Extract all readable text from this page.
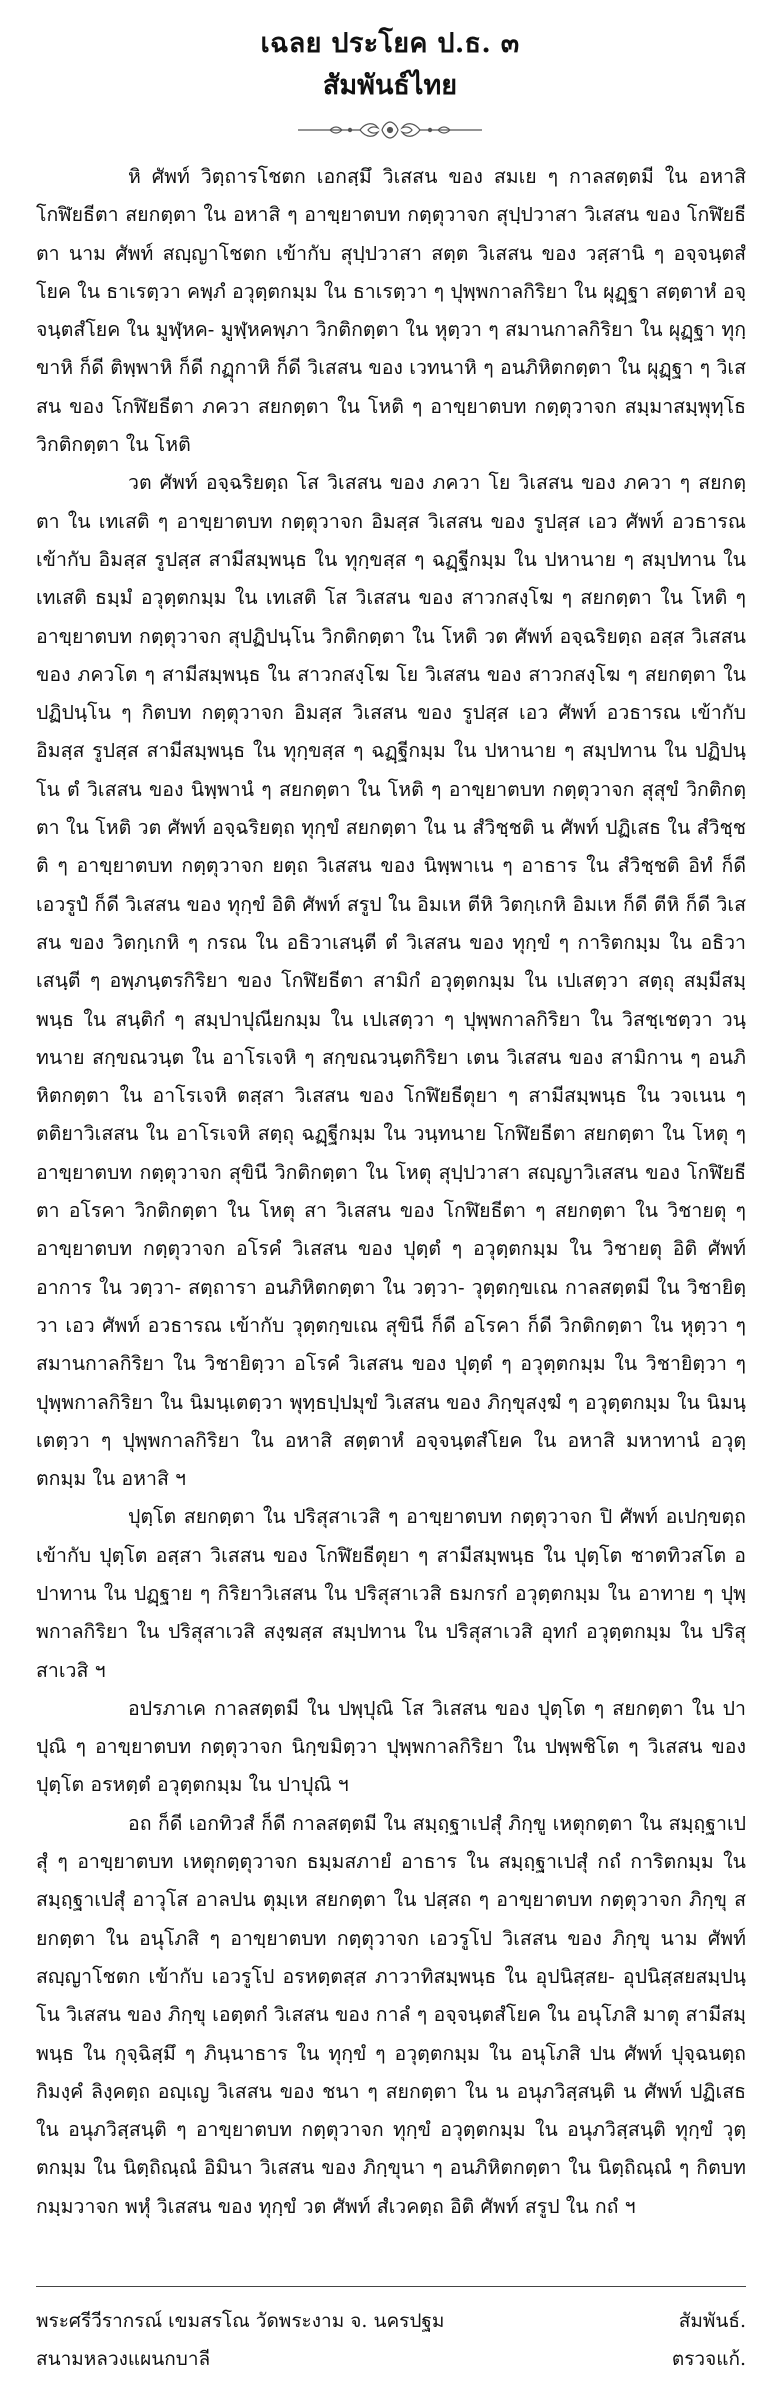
เฉลย ประโยค ป.ธ. ๓
สัมพันธ์ไทย

หิ ศัพท์ วิตฺถารโชตก เอกสฺมึ วิเสสน ของ สมเย ๆ กาลสตฺตมี ใน อหาสิ โกฬิยธีตา สยกตฺตา ใน อหาสิ ๆ อาขฺยาตบท กตฺตุวาจก สุปฺปวาสา วิเสสน ของ โกฬิยธีตา นาม ศัพท์ สญฺญาโชตก เข้ากับ สุปฺปวาสา สตฺต วิเสสน ของ วสฺสานิ ๆ อจฺจนฺตสํโยค ใน ธาเรตฺวา คพฺภํ อวุตฺตกมฺม ใน ธาเรตฺวา ๆ ปุพฺพกาลกิริยา ใน ผุฏฺฐา สตฺตาหํ อจฺจนฺตสํโยค ใน มูฬฺหค- มูฬฺหคพฺภา วิกติกตฺตา ใน หุตฺวา ๆ สมานกาลกิริยา ใน ผุฏฺฐา ทุกฺขาหิ ก็ดี ติพฺพาหิ ก็ดี กฏุกาหิ ก็ดี วิเสสน ของ เวทนาหิ ๆ อนภิหิตกตฺตา ใน ผุฏฺฐา ๆ วิเสสน ของ โกฬิยธีตา ภควา สยกตฺตา ใน โหติ ๆ อาขฺยาตบท กตฺตุวาจก สมฺมาสมฺพุทฺโธ วิกติกตฺตา ใน โหติ

วต ศัพท์ อจฺฉริยตฺถ โส วิเสสน ของ ภควา โย วิเสสน ของ ภควา ๆ สยกตฺตา ใน เทเสติ ๆ อาขฺยาตบท กตฺตุวาจก อิมสฺส วิเสสน ของ รูปสฺส เอว ศัพท์ อวธารณ เข้ากับ อิมสฺส รูปสฺส สามีสมฺพนฺธ ใน ทุกฺขสฺส ๆ ฉฏฺฐีกมฺม ใน ปหานาย ๆ สมฺปทาน ใน เทเสติ ธมฺมํ อวุตฺตกมฺม ใน เทเสติ โส วิเสสน ของ สาวกสงฺโฆ ๆ สยกตฺตา ใน โหติ ๆ อาขฺยาตบท กตฺตุวาจก สุปฏิปนฺโน วิกติกตฺตา ใน โหติ วต ศัพท์ อจฺฉริยตฺถ อสฺส วิเสสน ของ ภควโต ๆ สามีสมฺพนฺธ ใน สาวกสงฺโฆ โย วิเสสน ของ สาวกสงฺโฆ ๆ สยกตฺตา ใน ปฏิปนฺโน ๆ กิตบท กตฺตุวาจก อิมสฺส วิเสสน ของ รูปสฺส เอว ศัพท์ อวธารณ เข้ากับ อิมสฺส รูปสฺส สามีสมฺพนฺธ ใน ทุกฺขสฺส ๆ ฉฏฺฐีกมฺม ใน ปหานาย ๆ สมฺปทาน ใน ปฏิปนฺโน ตํ วิเสสน ของ นิพฺพานํ ๆ สยกตฺตา ใน โหติ ๆ อาขฺยาตบท กตฺตุวาจก สุสุขํ วิกติกตฺตา ใน โหติ วต ศัพท์ อจฺฉริยตฺถ ทุกฺขํ สยกตฺตา ใน น สํวิชฺชติ น ศัพท์ ปฏิเสธ ใน สํวิชฺชติ ๆ อาขฺยาตบท กตฺตุวาจก ยตฺถ วิเสสน ของ นิพฺพาเน ๆ อาธาร ใน สํวิชฺชติ อิทํ ก็ดี เอวรูปํ ก็ดี วิเสสน ของ ทุกฺขํ อิติ ศัพท์ สรูป ใน อิมเห ตีหิ วิตกฺเกหิ อิมเห ก็ดี ตีหิ ก็ดี วิเสสน ของ วิตกฺเกหิ ๆ กรณ ใน อธิวาเสนฺตี ตํ วิเสสน ของ ทุกฺขํ ๆ การิตกมฺม ใน อธิวาเสนฺตี ๆ อพฺภนฺตรกิริยา ของ โกฬิยธีตา สามิกํ อวุตฺตกมฺม ใน เปเสตฺวา สตฺถุ สมฺมีสมฺพนฺธ ใน สนฺติกํ ๆ สมฺปาปุณียกมฺม ใน เปเสตฺวา ๆ ปุพฺพกาลกิริยา ใน วิสชฺเชตฺวา วนฺทนาย สกฺขณวนฺต ใน อาโรเจหิ ๆ สกฺขณวนฺตกิริยา เตน วิเสสน ของ สามิกาน ๆ อนภิหิตกตฺตา ใน อาโรเจหิ ตสฺสา วิเสสน ของ โกฬิยธีตุยา ๆ สามีสมฺพนฺธ ใน วจเนน ๆ ตติยาวิเสสน ใน อาโรเจหิ สตฺถุ ฉฏฺฐีกมฺม ใน วนฺทนาย โกฬิยธีตา สยกตฺตา ใน โหตุ ๆ อาขฺยาตบท กตฺตุวาจก สุขินี วิกติกตฺตา ใน โหตุ สุปฺปวาสา สญฺญาวิเสสน ของ โกฬิยธีตา อโรคา วิกติกตฺตา ใน โหตุ สา วิเสสน ของ โกฬิยธีตา ๆ สยกตฺตา ใน วิชายตุ ๆ อาขฺยาตบท กตฺตุวาจก อโรคํ วิเสสน ของ ปุตฺตํ ๆ อวุตฺตกมฺม ใน วิชายตุ อิติ ศัพท์ อาการ ใน วตฺวา- สตฺถารา อนภิหิตกตฺตา ใน วตฺวา- วุตฺตกฺขเณ กาลสตฺตมี ใน วิชายิตฺวา เอว ศัพท์ อวธารณ เข้ากับ วุตฺตกฺขเณ สุขินี ก็ดี อโรคา ก็ดี วิกติกตฺตา ใน หุตฺวา ๆ สมานกาลกิริยา ใน วิชายิตฺวา อโรคํ วิเสสน ของ ปุตฺตํ ๆ อวุตฺตกมฺม ใน วิชายิตฺวา ๆ ปุพฺพกาลกิริยา ใน นิมนฺเตตฺวา พุทฺธปฺปมุขํ วิเสสน ของ ภิกฺขุสงฺฆํ ๆ อวุตฺตกมฺม ใน นิมนฺเตตฺวา ๆ ปุพฺพกาลกิริยา ใน อหาสิ สตฺตาหํ อจฺจนฺตสํโยค ใน อหาสิ มหาทานํ อวุตฺตกมฺม ใน อหาสิ ฯ

ปุตฺโต สยกตฺตา ใน ปริสุสาเวสิ ๆ อาขฺยาตบท กตฺตุวาจก ปิ ศัพท์ อเปกฺขตฺถ เข้ากับ ปุตฺโต อสฺสา วิเสสน ของ โกฬิยธีตุยา ๆ สามีสมฺพนฺธ ใน ปุตฺโต ชาตทิวสโต อปาทาน ใน ปฏฺฐาย ๆ กิริยาวิเสสน ใน ปริสุสาเวสิ ธมกรกํ อวุตฺตกมฺม ใน อาทาย ๆ ปุพฺพกาลกิริยา ใน ปริสุสาเวสิ สงฺฆสฺส สมฺปทาน ใน ปริสุสาเวสิ อุทกํ อวุตฺตกมฺม ใน ปริสุสาเวสิ ฯ

อปรภาเค กาลสตฺตมี ใน ปพฺปุณิ โส วิเสสน ของ ปุตฺโต ๆ สยกตฺตา ใน ปาปุณิ ๆ อาขฺยาตบท กตฺตุวาจก นิกฺขมิตฺวา ปุพฺพกาลกิริยา ใน ปพฺพชิโต ๆ วิเสสน ของ ปุตฺโต อรหตฺตํ อวุตฺตกมฺม ใน ปาปุณิ ฯ

อถ ก็ดี เอกทิวสํ ก็ดี กาลสตฺตมี ใน สมฺถฺฐาเปสุํ ภิกฺขู เหตุกตฺตา ใน สมฺถฺฐาเปสุํ ๆ อาขฺยาตบท เหตุกตฺตุวาจก ธมฺมสภายํ อาธาร ใน สมฺถฺฐาเปสุํ กถํ การิตกมฺม ใน สมฺถฺฐาเปสุํ อาวุโส อาลปน ตุมฺเห สยกตฺตา ใน ปสฺสถ ๆ อาขฺยาตบท กตฺตุวาจก ภิกฺขุ สยกตฺตา ใน อนุโภสิ ๆ อาขฺยาตบท กตฺตุวาจก เอวรูโป วิเสสน ของ ภิกฺขุ นาม ศัพท์ สญฺญาโชตก เข้ากับ เอวรูโป อรหตฺตสฺส ภาวาทิสมฺพนฺธ ใน อุปนิสฺสย- อุปนิสฺสยสมฺปนฺโน วิเสสน ของ ภิกฺขุ เอตฺตกํ วิเสสน ของ กาลํ ๆ อจฺจนฺตสํโยค ใน อนุโภสิ มาตุ สามีสมฺพนฺธ ใน กุจฺฉิสฺมึ ๆ ภินฺนาธาร ใน ทุกฺขํ ๆ อวุตฺตกมฺม ใน อนุโภสิ ปน ศัพท์ ปุจฺฉนตฺถ กิมงฺคํ ลิงฺคตฺถ อญฺเญ วิเสสน ของ ชนา ๆ สยกตฺตา ใน น อนุภวิสฺสนฺติ น ศัพท์ ปฏิเสธ ใน อนุภวิสฺสนฺติ ๆ อาขฺยาตบท กตฺตุวาจก ทุกฺขํ อวุตฺตกมฺม ใน อนุภวิสฺสนฺติ ทุกฺขํ วุตฺตกมฺม ใน นิตฺถิณฺณํ อิมินา วิเสสน ของ ภิกฺขุนา ๆ อนภิหิตกตฺตา ใน นิตฺถิณฺณํ ๆ กิตบท กมฺมวาจก พหุํ วิเสสน ของ ทุกฺขํ วต ศัพท์ สํเวคตฺถ อิติ ศัพท์ สรูป ใน กถํ ฯ

พระศรีวีรากรณ์ เขมสรโณ วัดพระงาม จ. นครปฐม	สัมพันธ์.
สนามหลวงแผนกบาลี	ตรวจแก้.
